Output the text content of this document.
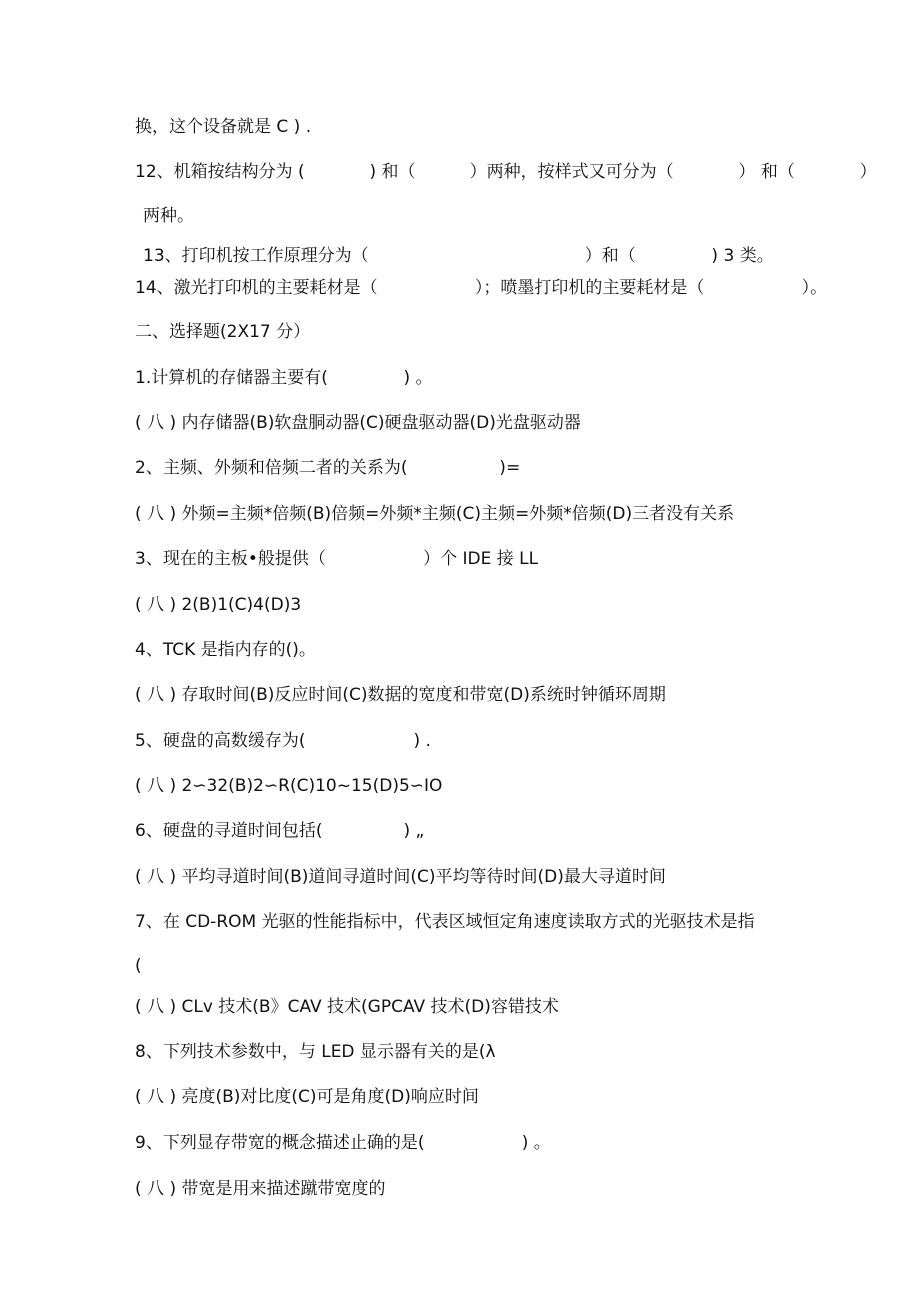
换，这个设备就是 C ) .
12、机箱按结构分为 (            ) 和（          ）两种，按样式又可分为（            ） 和（            ）
两种。
13、打印机按工作原理分为（                                        ）和（              ) 3 类。
14、激光打印机的主要耗材是（                  ）；喷墨打印机的主要耗材是（                  ）。
二、选择题(2X17 分）
1.计算机的存储器主要有(              ) 。
( 八 ) 内存储器(B)软盘胴动器(C)硬盘驱动器(D)光盘驱动器
2、主频、外频和倍频二者的关系为(                 )=
( 八 ) 外频=主频*倍频(B)倍频=外频*主频(C)主频=外频*倍频(D)三者没有关系
3、现在的主板•般提供（                  ）个 IDE 接 LL
( 八 ) 2(B)1(C)4(D)3
4、TCK 是指内存的()。
( 八 ) 存取时间(B)反应时间(C)数据的宽度和带宽(D)系统时钟循环周期
5、硬盘的高数缓存为(                    ) .
( 八 ) 2∽32(B)2∽R(C)10~15(D)5∽IO
6、硬盘的寻道时间包括(               ) „
( 八 ) 平均寻道时间(B)道间寻道时间(C)平均等待时间(D)最大寻道时间
7、在 CD-ROM 光驱的性能指标中，代表区域恒定角速度读取方式的光驱技术是指
(
( 八 ) CLv 技术(B》CAV 技术(GPCAV 技术(D)容错技术
8、下列技术参数中，与 LED 显示器有关的是(λ
( 八 ) 亮度(B)对比度(C)可是角度(D)响应时间
9、下列显存带宽的概念描述止确的是(                  ) 。
( 八 ) 带宽是用来描述蹴带宽度的
